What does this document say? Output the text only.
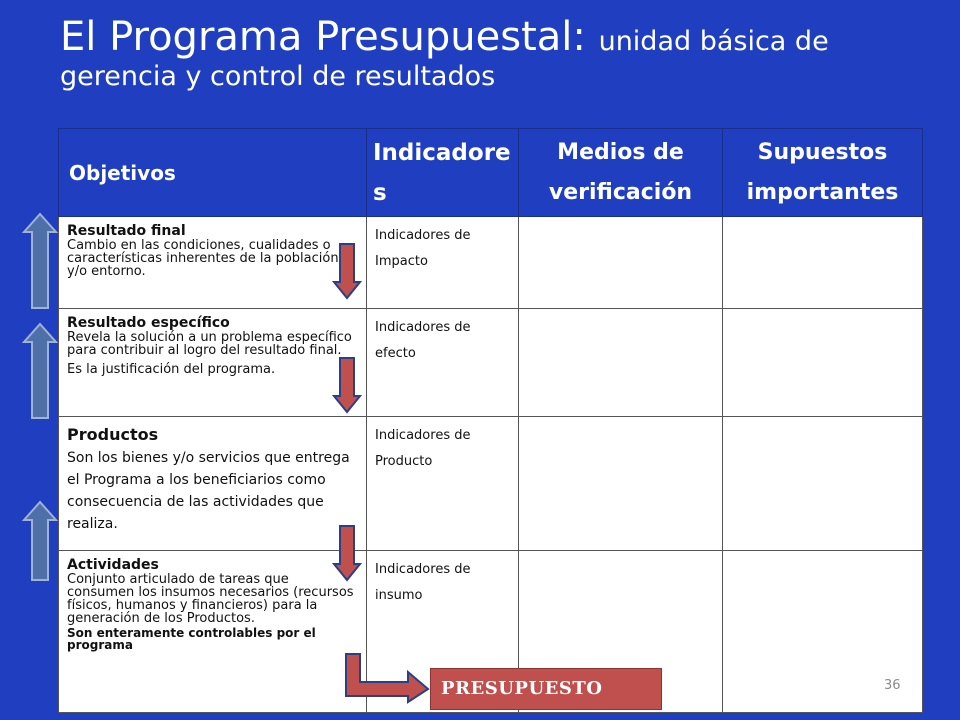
El Programa Presupuestal: unidad básica de gerencia y control de resultados
Objetivos	Indicadores	Medios de verificación	Supuestos importantes

Resultado final
Cambio en las condiciones, cualidades o características inherentes de la población y/o entorno.	Indicadores de Impacto		

Resultado específico
Revela la solución a un problema específico para contribuir al logro del resultado final.
Es la justificación del programa.	Indicadores de efecto		

Productos
Son los bienes y/o servicios que entrega el Programa a los beneficiarios como consecuencia de las actividades que realiza.	Indicadores de Producto		

Actividades
Conjunto articulado de tareas que consumen los insumos necesarios (recursos físicos, humanos y financieros) para la generación de los Productos.
Son enteramente controlables por el programa	Indicadores de insumo		
PRESUPUESTO	36
